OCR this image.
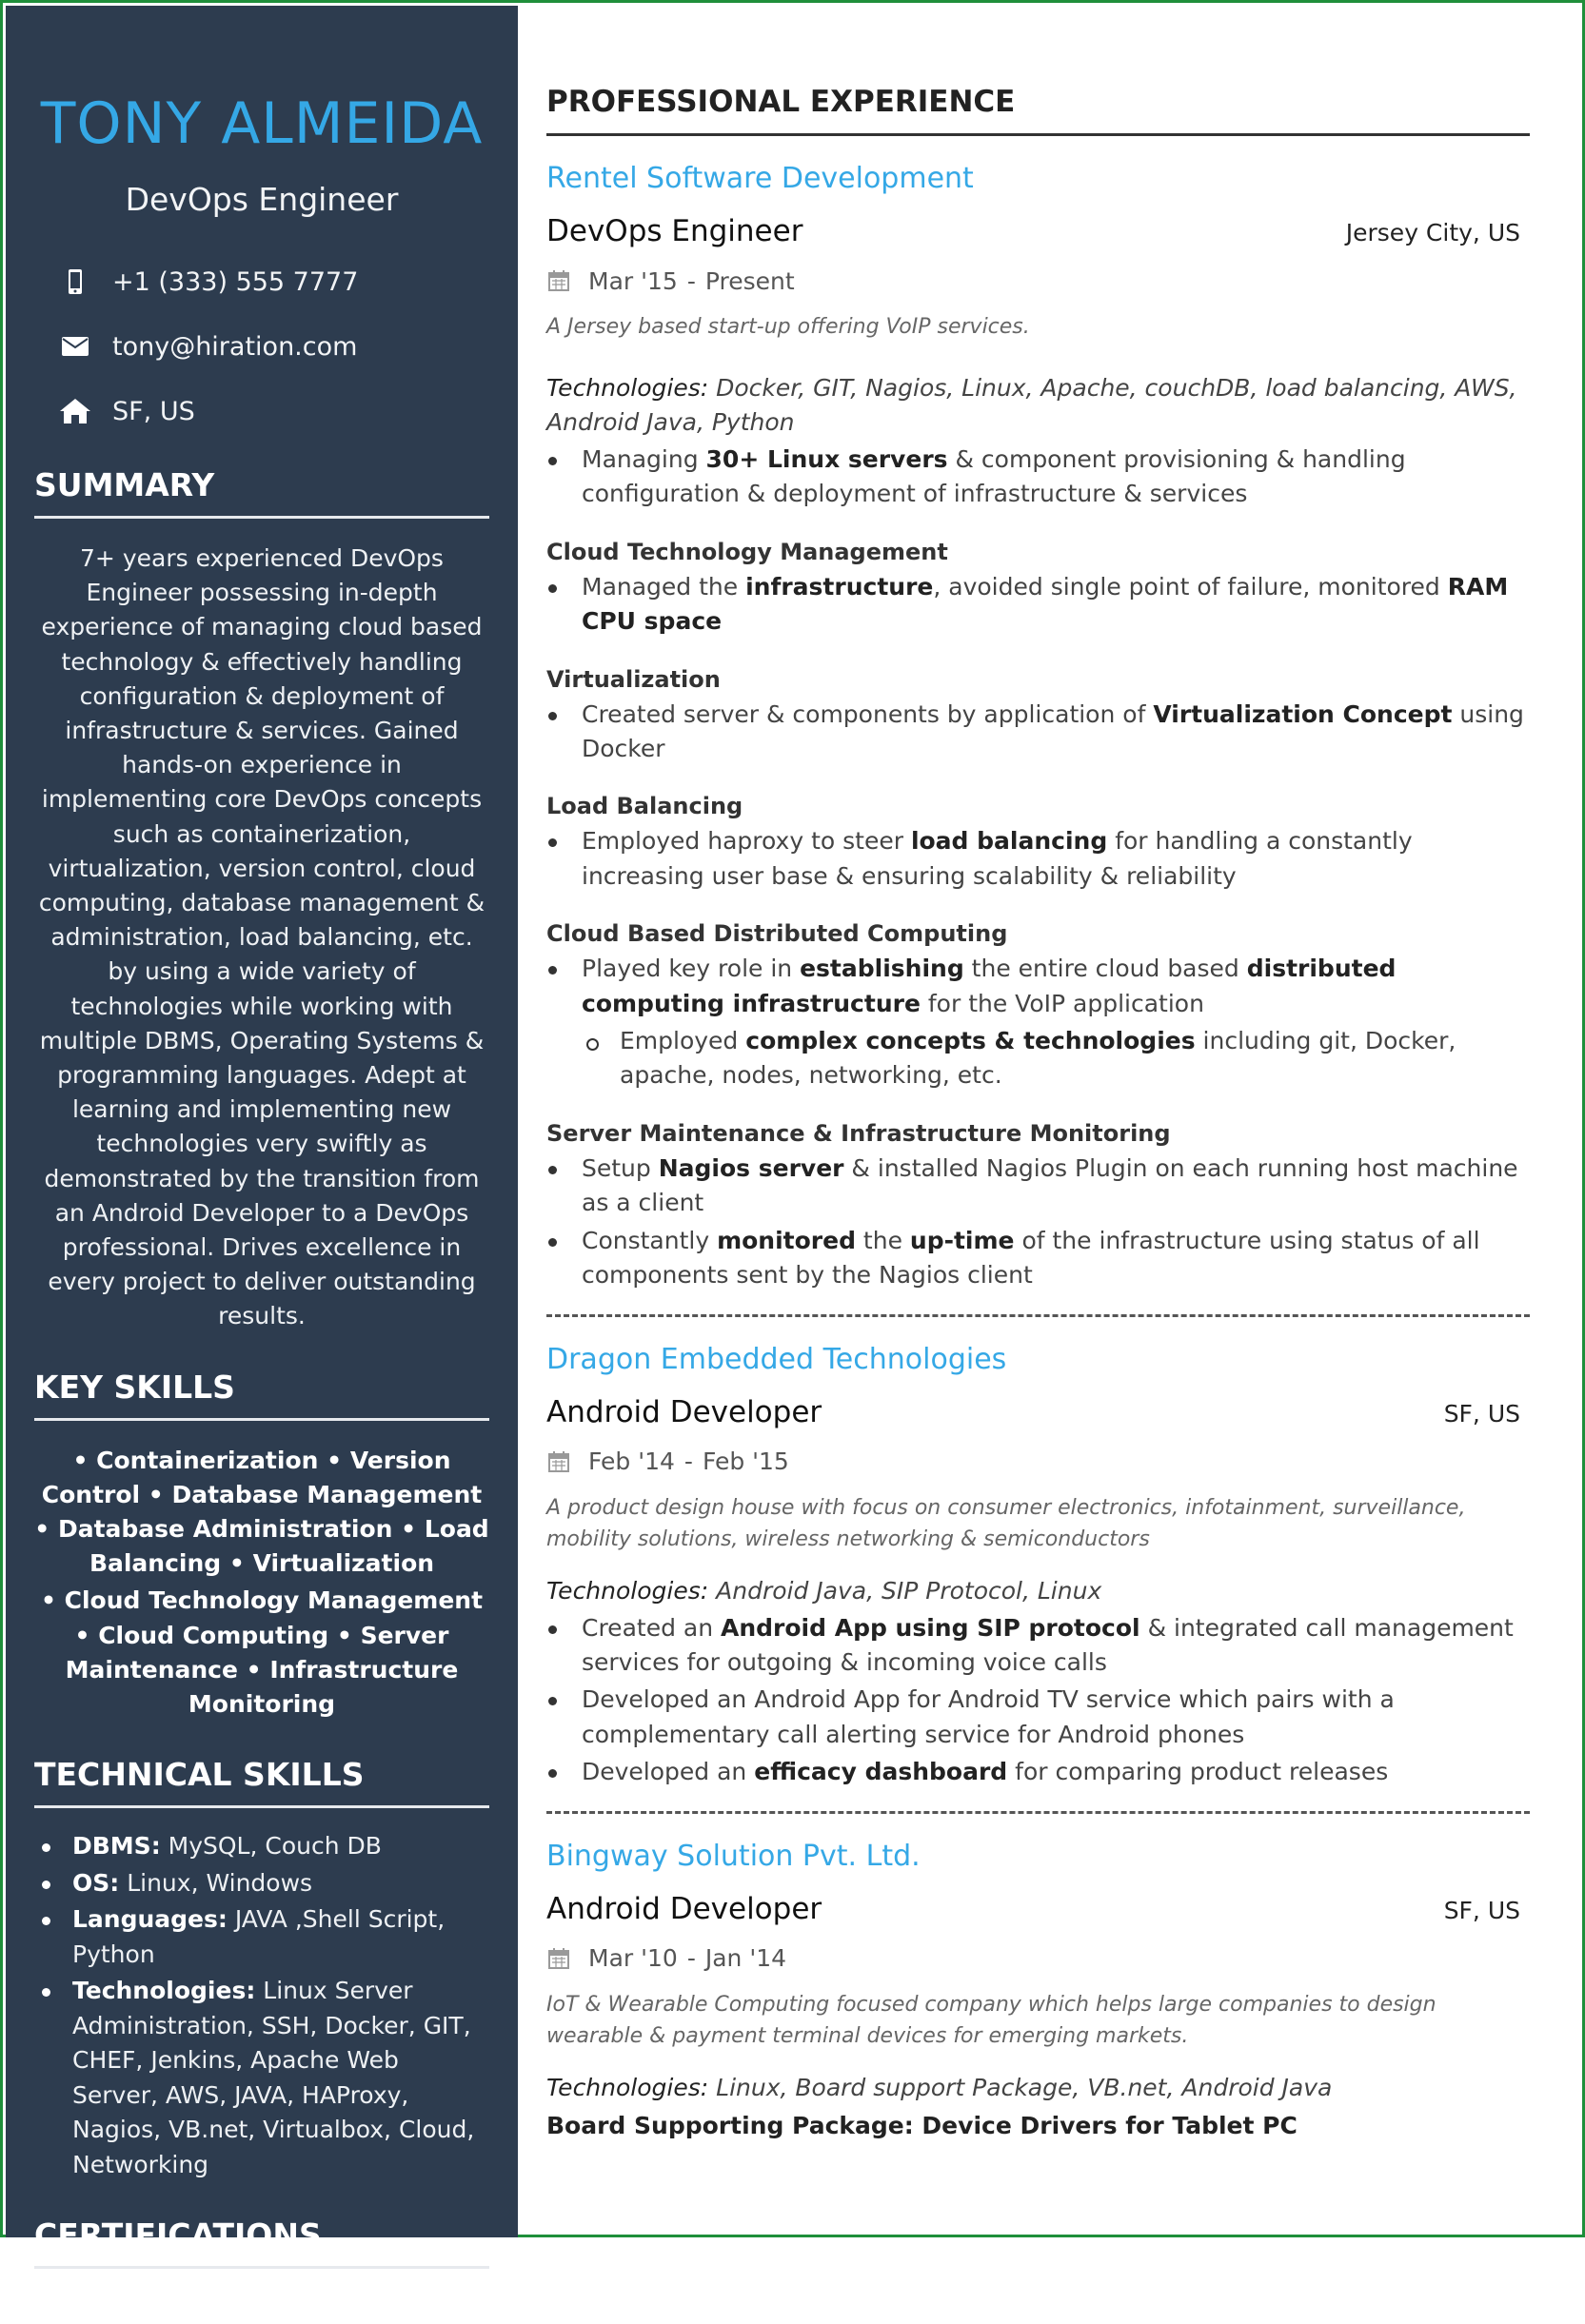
TONY ALMEIDA
DevOps Engineer
+1 (333) 555 7777
tony@hiration.com
SF, US
SUMMARY

7+ years experienced DevOps Engineer possessing in-depth experience of managing cloud based technology & effectively handling configuration & deployment of infrastructure & services. Gained hands-on experience in implementing core DevOps concepts such as containerization, virtualization, version control, cloud computing, database management & administration, load balancing, etc. by using a wide variety of technologies while working with multiple DBMS, Operating Systems & programming languages. Adept at learning and implementing new technologies very swiftly as demonstrated by the transition from an Android Developer to a DevOps professional. Drives excellence in every project to deliver outstanding results.

KEY SKILLS

• Containerization • Version Control • Database Management • Database Administration • Load Balancing • Virtualization

• Cloud Technology Management • Cloud Computing • Server Maintenance • Infrastructure Monitoring

TECHNICAL SKILLS
DBMS: MySQL, Couch DB
OS: Linux, Windows
Languages: JAVA ,Shell Script, Python
Technologies: Linux Server Administration, SSH, Docker, GIT, CHEF, Jenkins, Apache Web Server, AWS, JAVA, HAProxy, Nagios, VB.net, Virtualbox, Cloud, Networking
CERTIFICATIONS
AWS Solution Architect | ’17
PROFESSIONAL EXPERIENCE
Rentel Software Development
DevOps Engineer	Jersey City, US
Mar '15 - Present
A Jersey based start-up offering VoIP services.
Technologies: Docker, GIT, Nagios, Linux, Apache, couchDB, load balancing, AWS, Android Java, Python
Managing 30+ Linux servers & component provisioning & handling configuration & deployment of infrastructure & services
Cloud Technology Management
Managed the infrastructure, avoided single point of failure, monitored RAM CPU space
Virtualization
Created server & components by application of Virtualization Concept using Docker
Load Balancing
Employed haproxy to steer load balancing for handling a constantly increasing user base & ensuring scalability & reliability
Cloud Based Distributed Computing
Played key role in establishing the entire cloud based distributed computing infrastructure for the VoIP application
Employed complex concepts & technologies including git, Docker, apache, nodes, networking, etc.
Server Maintenance & Infrastructure Monitoring
Setup Nagios server & installed Nagios Plugin on each running host machine as a client
Constantly monitored the up-time of the infrastructure using status of all components sent by the Nagios client
Dragon Embedded Technologies
Android Developer	SF, US
Feb '14 - Feb '15
A product design house with focus on consumer electronics, infotainment, surveillance, mobility solutions, wireless networking & semiconductors
Technologies: Android Java, SIP Protocol, Linux
Created an Android App using SIP protocol & integrated call management services for outgoing & incoming voice calls
Developed an Android App for Android TV service which pairs with a complementary call alerting service for Android phones
Developed an efficacy dashboard for comparing product releases
Bingway Solution Pvt. Ltd.
Android Developer	SF, US
Mar '10 - Jan '14
IoT & Wearable Computing focused company which helps large companies to design wearable & payment terminal devices for emerging markets.
Technologies: Linux, Board support Package, VB.net, Android Java
Board Supporting Package: Device Drivers for Tablet PC
